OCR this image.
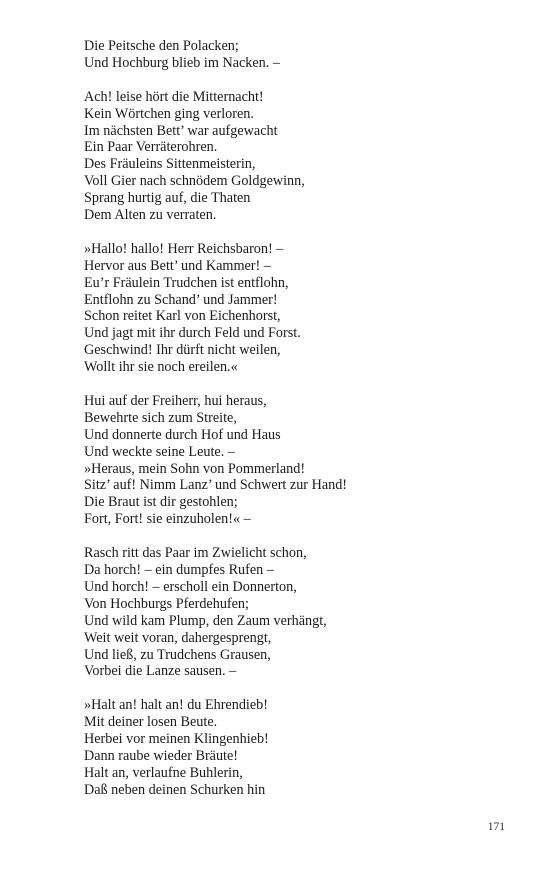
Die Peitsche den Polacken;
Und Hochburg blieb im Nacken. –
Ach! leise hört die Mitternacht!
Kein Wörtchen ging verloren.
Im nächsten Bett’ war aufgewacht
Ein Paar Verräterohren.
Des Fräuleins Sittenmeisterin,
Voll Gier nach schnödem Goldgewinn,
Sprang hurtig auf, die Thaten
Dem Alten zu verraten.
»Hallo! hallo! Herr Reichsbaron! –
Hervor aus Bett’ und Kammer! –
Eu’r Fräulein Trudchen ist entflohn,
Entflohn zu Schand’ und Jammer!
Schon reitet Karl von Eichenhorst,
Und jagt mit ihr durch Feld und Forst.
Geschwind! Ihr dürft nicht weilen,
Wollt ihr sie noch ereilen.«
Hui auf der Freiherr, hui heraus,
Bewehrte sich zum Streite,
Und donnerte durch Hof und Haus
Und weckte seine Leute. –
»Heraus, mein Sohn von Pommerland!
Sitz’ auf! Nimm Lanz’ und Schwert zur Hand!
Die Braut ist dir gestohlen;
Fort, Fort! sie einzuholen!« –
Rasch ritt das Paar im Zwielicht schon,
Da horch! – ein dumpfes Rufen –
Und horch! – erscholl ein Donnerton,
Von Hochburgs Pferdehufen;
Und wild kam Plump, den Zaum verhängt,
Weit weit voran, dahergesprengt,
Und ließ, zu Trudchens Grausen,
Vorbei die Lanze sausen. –
»Halt an! halt an! du Ehrendieb!
Mit deiner losen Beute.
Herbei vor meinen Klingenhieb!
Dann raube wieder Bräute!
Halt an, verlaufne Buhlerin,
Daß neben deinen Schurken hin
171
